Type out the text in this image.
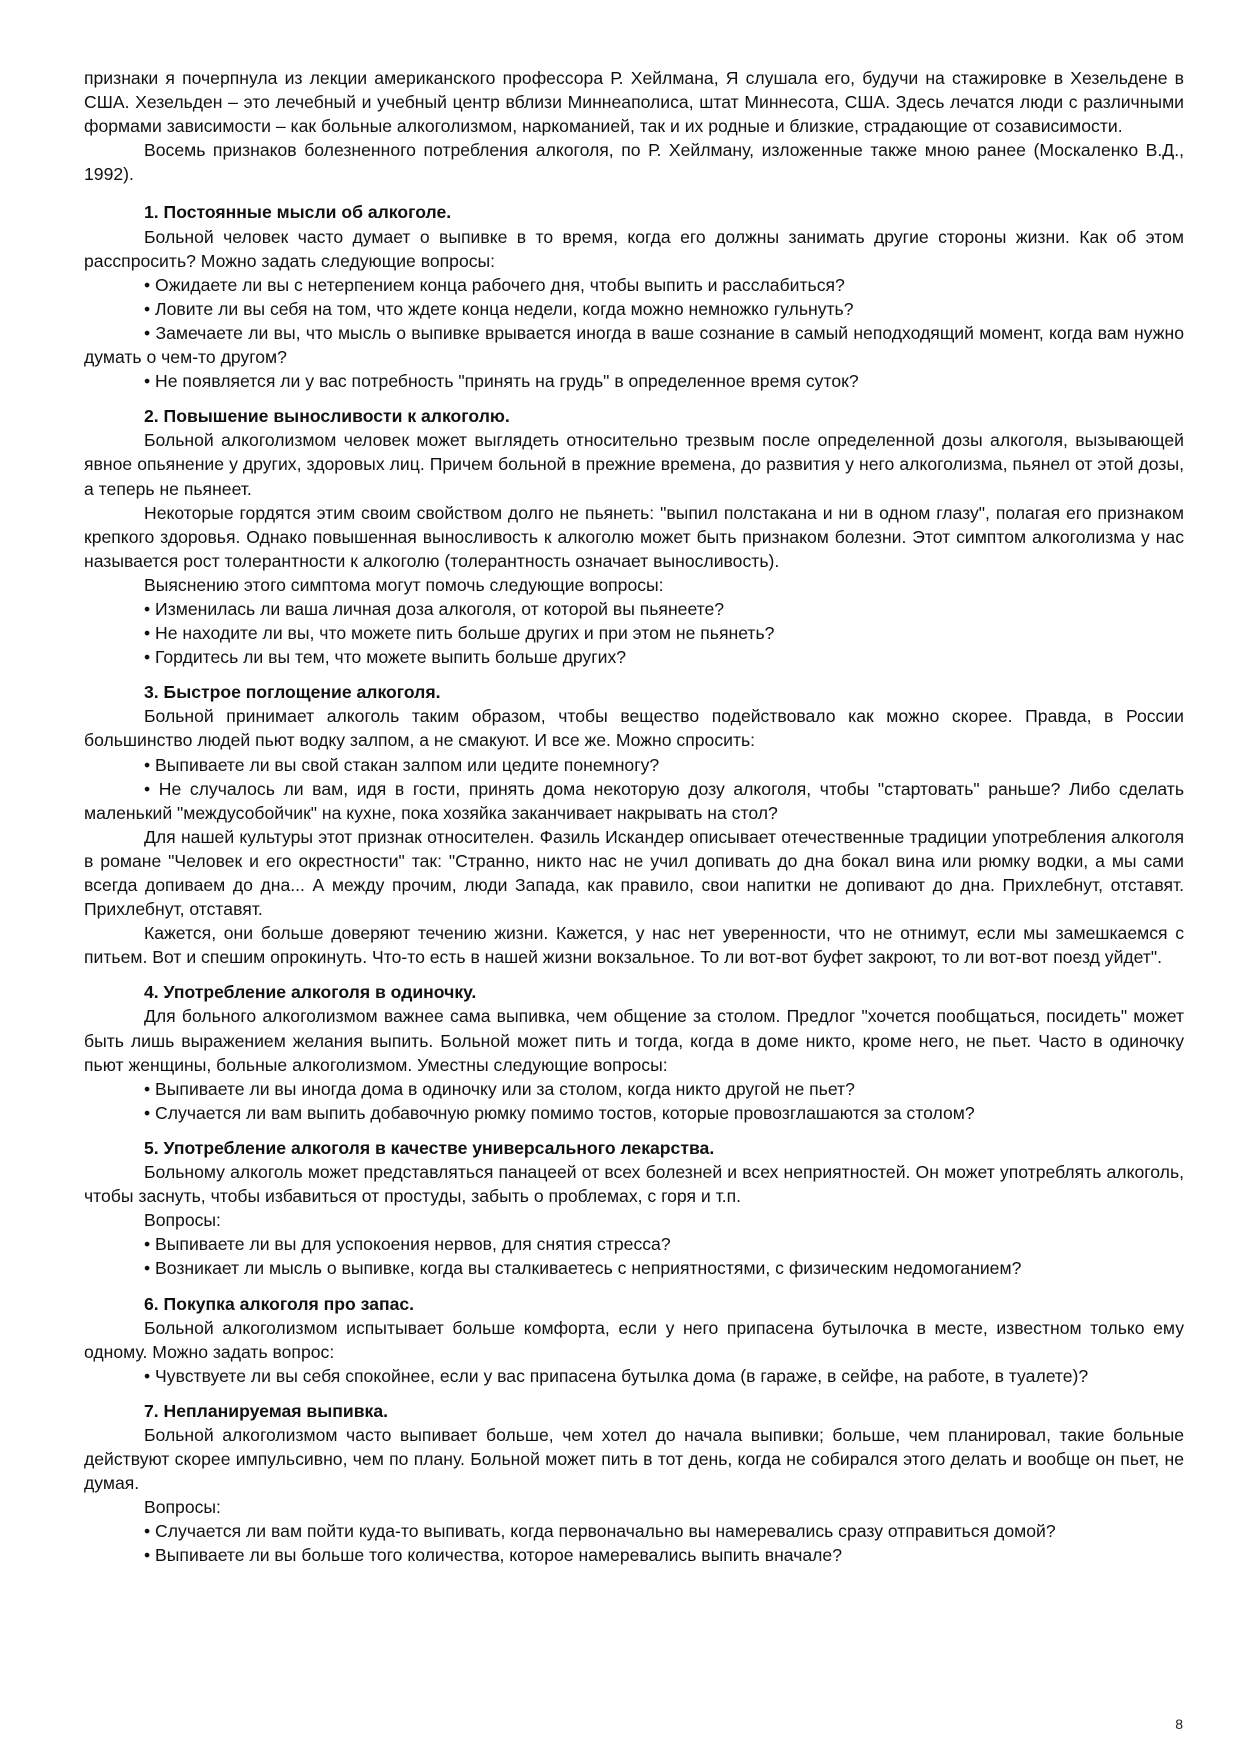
признаки я почерпнула из лекции американского профессора Р. Хейлмана, Я слушала его, будучи на стажировке в Хезельдене в США. Хезельден – это лечебный и учебный центр вблизи Миннеаполиса, штат Миннесота, США. Здесь лечатся люди с различными формами зависимости – как больные алкоголизмом, наркоманией, так и их родные и близкие, страдающие от созависимости.

Восемь признаков болезненного потребления алкоголя, по Р. Хейлману, изложенные также мною ранее (Москаленко В.Д., 1992).

1. Постоянные мысли об алкоголе.

Больной человек часто думает о выпивке в то время, когда его должны занимать другие стороны жизни. Как об этом расспросить? Можно задать следующие вопросы:

• Ожидаете ли вы с нетерпением конца рабочего дня, чтобы выпить и расслабиться?

• Ловите ли вы себя на том, что ждете конца недели, когда можно немножко гульнуть?

• Замечаете ли вы, что мысль о выпивке врывается иногда в ваше сознание в самый неподходящий момент, когда вам нужно думать о чем-то другом?

• Не появляется ли у вас потребность "принять на грудь" в определенное время суток?

2. Повышение выносливости к алкоголю.

Больной алкоголизмом человек может выглядеть относительно трезвым после определенной дозы алкоголя, вызывающей явное опьянение у других, здоровых лиц. Причем больной в прежние времена, до развития у него алкоголизма, пьянел от этой дозы, а теперь не пьянеет.

Некоторые гордятся этим своим свойством долго не пьянеть: "выпил полстакана и ни в одном глазу", полагая его признаком крепкого здоровья. Однако повышенная выносливость к алкоголю может быть признаком болезни. Этот симптом алкоголизма у нас называется рост толерантности к алкоголю (толерантность означает выносливость).

Выяснению этого симптома могут помочь следующие вопросы:

• Изменилась ли ваша личная доза алкоголя, от которой вы пьянеете?

• Не находите ли вы, что можете пить больше других и при этом не пьянеть?

• Гордитесь ли вы тем, что можете выпить больше других?

3. Быстрое поглощение алкоголя.

Больной принимает алкоголь таким образом, чтобы вещество подействовало как можно скорее. Правда, в России большинство людей пьют водку залпом, а не смакуют. И все же. Можно спросить:

• Выпиваете ли вы свой стакан залпом или цедите понемногу?

• Не случалось ли вам, идя в гости, принять дома некоторую дозу алкоголя, чтобы "стартовать" раньше? Либо сделать маленький "междусобойчик" на кухне, пока хозяйка заканчивает накрывать на стол?

Для нашей культуры этот признак относителен. Фазиль Искандер описывает отечественные традиции употребления алкоголя в романе "Человек и его окрестности" так: "Странно, никто нас не учил допивать до дна бокал вина или рюмку водки, а мы сами всегда допиваем до дна... А между прочим, люди Запада, как правило, свои напитки не допивают до дна. Прихлебнут, отставят. Прихлебнут, отставят.

Кажется, они больше доверяют течению жизни. Кажется, у нас нет уверенности, что не отнимут, если мы замешкаемся с питьем. Вот и спешим опрокинуть. Что-то есть в нашей жизни вокзальное. То ли вот-вот буфет закроют, то ли вот-вот поезд уйдет".

4. Употребление алкоголя в одиночку.

Для больного алкоголизмом важнее сама выпивка, чем общение за столом. Предлог "хочется пообщаться, посидеть" может быть лишь выражением желания выпить. Больной может пить и тогда, когда в доме никто, кроме него, не пьет. Часто в одиночку пьют женщины, больные алкоголизмом. Уместны следующие вопросы:

• Выпиваете ли вы иногда дома в одиночку или за столом, когда никто другой не пьет?

• Случается ли вам выпить добавочную рюмку помимо тостов, которые провозглашаются за столом?

5. Употребление алкоголя в качестве универсального лекарства.

Больному алкоголь может представляться панацеей от всех болезней и всех неприятностей. Он может употреблять алкоголь, чтобы заснуть, чтобы избавиться от простуды, забыть о проблемах, с горя и т.п.

Вопросы:

• Выпиваете ли вы для успокоения нервов, для снятия стресса?

• Возникает ли мысль о выпивке, когда вы сталкиваетесь с неприятностями, с физическим недомоганием?

6. Покупка алкоголя про запас.

Больной алкоголизмом испытывает больше комфорта, если у него припасена бутылочка в месте, известном только ему одному. Можно задать вопрос:

• Чувствуете ли вы себя спокойнее, если у вас припасена бутылка дома (в гараже, в сейфе, на работе, в туалете)?

7. Непланируемая выпивка.

Больной алкоголизмом часто выпивает больше, чем хотел до начала выпивки; больше, чем планировал, такие больные действуют скорее импульсивно, чем по плану. Больной может пить в тот день, когда не собирался этого делать и вообще он пьет, не думая.

Вопросы:

• Случается ли вам пойти куда-то выпивать, когда первоначально вы намеревались сразу отправиться домой?

• Выпиваете ли вы больше того количества, которое намеревались выпить вначале?

8
